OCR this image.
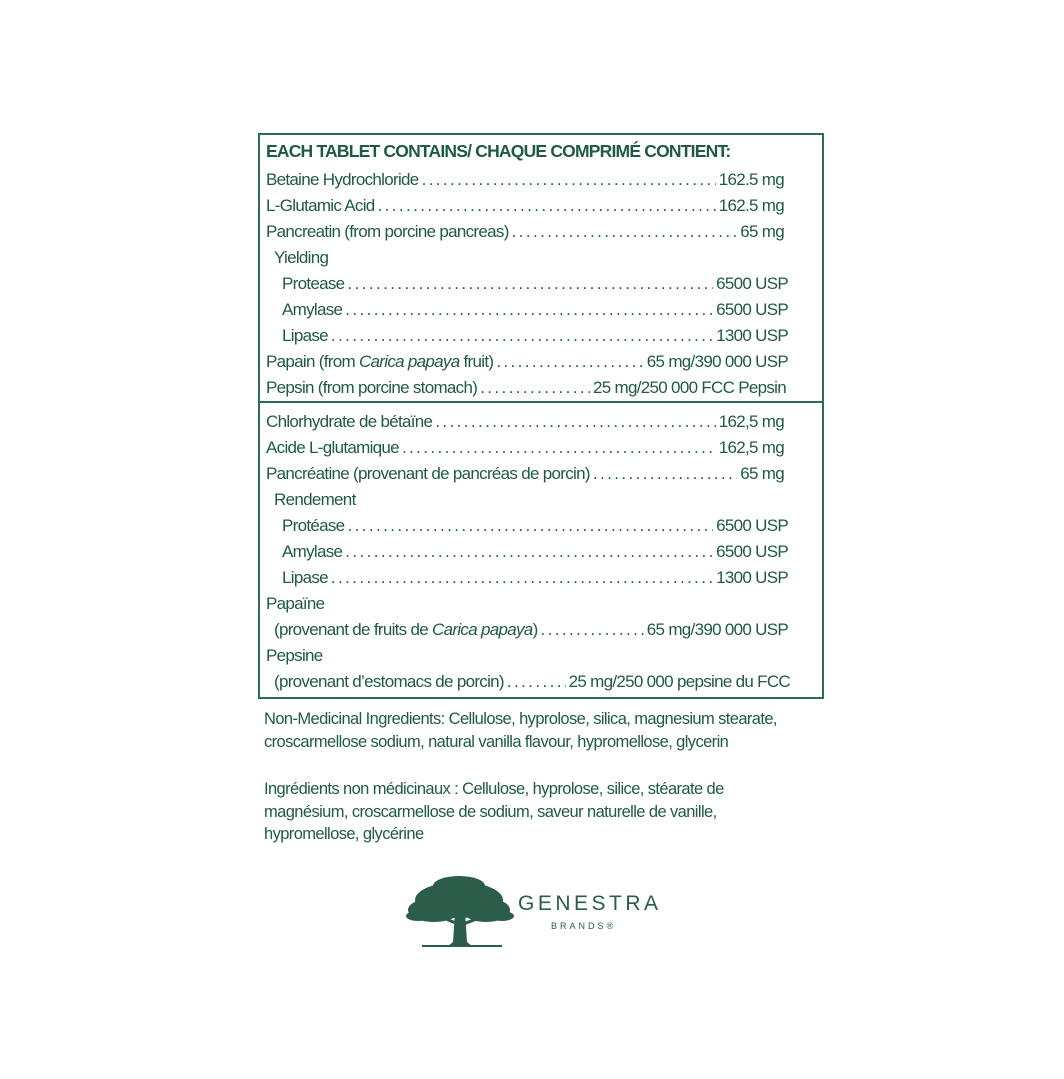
EACH TABLET CONTAINS/ CHAQUE COMPRIMÉ CONTIENT:
Betaine Hydrochloride .....	162.5 mg
L-Glutamic Acid .....	162.5 mg
Pancreatin (from porcine pancreas) .....	65 mg
Yielding
Protease .....	6500 USP
Amylase .....	6500 USP
Lipase .....	1300 USP
Papain (from Carica papaya fruit) .....	65 mg/390 000 USP
Pepsin (from porcine stomach) .....	25 mg/250 000 FCC Pepsin
Chlorhydrate de bétaïne .....	162,5 mg
Acide L-glutamique .....	162,5 mg
Pancréatine (provenant de pancréas de porcin) .....	65 mg
Rendement
Protéase .....	6500 USP
Amylase .....	6500 USP
Lipase .....	1300 USP
Papaïne
(provenant de fruits de Carica papaya) .....	65 mg/390 000 USP
Pepsine
(provenant d’estomacs de porcin) .....	25 mg/250 000 pepsine du FCC
Non-Medicinal Ingredients: Cellulose, hyprolose, silica, magnesium stearate, croscarmellose sodium, natural vanilla flavour, hypromellose, glycerin
Ingrédients non médicinaux : Cellulose, hyprolose, silice, stéarate de magnésium, croscarmellose de sodium, saveur naturelle de vanille, hypromellose, glycérine
GENESTRA
BRANDS®
